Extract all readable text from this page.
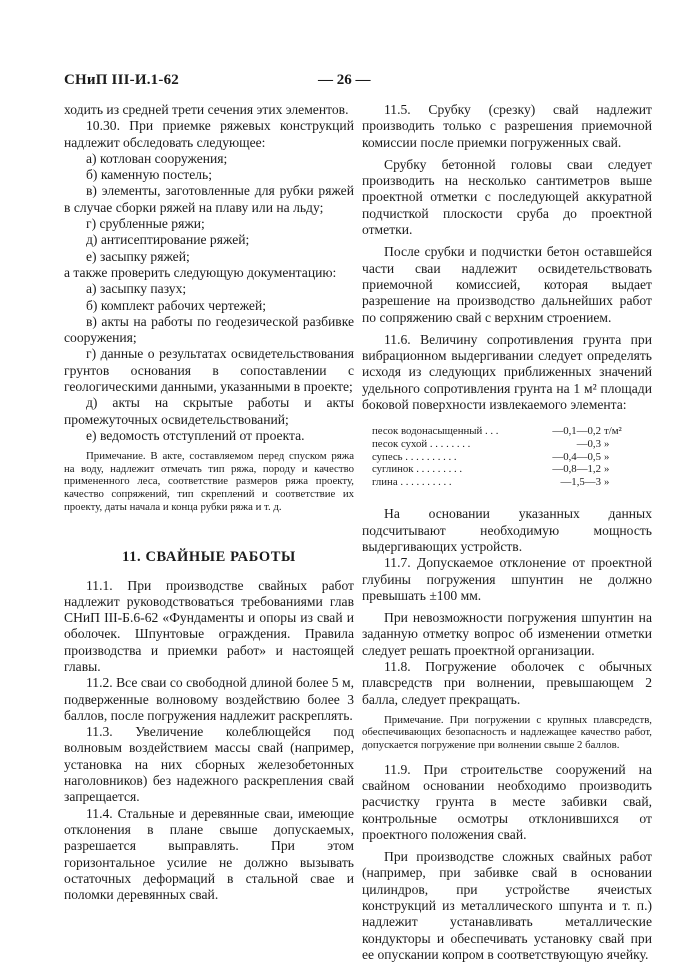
СНиП III-И.1-62	— 26 —

ходить из средней трети сечения этих элементов.

10.30. При приемке ряжевых конструкций надлежит обследовать следующее:

а) котлован сооружения;

б) каменную постель;

в) элементы, заготовленные для рубки ряжей в случае сборки ряжей на плаву или на льду;

г) срубленные ряжи;

д) антисептирование ряжей;

е) засыпку ряжей;

а также проверить следующую документацию:

а) засыпку пазух;

б) комплект рабочих чертежей;

в) акты на работы по геодезической разбивке сооружения;

г) данные о результатах освидетельствования грунтов основания в сопоставлении с геологическими данными, указанными в проекте;

д) акты на скрытые работы и акты промежуточных освидетельствований;

е) ведомость отступлений от проекта.

Примечание. В акте, составляемом перед спуском ряжа на воду, надлежит отмечать тип ряжа, породу и качество примененного леса, соответствие размеров ряжа проекту, качество сопряжений, тип скреплений и соответствие их проекту, даты начала и конца рубки ряжа и т. д.

11. СВАЙНЫЕ РАБОТЫ

11.1. При производстве свайных работ надлежит руководствоваться требованиями глав СНиП III-Б.6-62 «Фундаменты и опоры из свай и оболочек. Шпунтовые ограждения. Правила производства и приемки работ» и настоящей главы.

11.2. Все сваи со свободной длиной более 5 м, подверженные волновому воздействию более 3 баллов, после погружения надлежит раскреплять.

11.3. Увеличение колеблющейся под волновым воздействием массы свай (например, установка на них сборных железобетонных наголовников) без надежного раскрепления свай запрещается.

11.4. Стальные и деревянные сваи, имеющие отклонения в плане свыше допускаемых, разрешается выправлять. При этом горизонтальное усилие не должно вызывать остаточных деформаций в стальной свае и поломки деревянных свай.

11.5. Срубку (срезку) свай надлежит производить только с разрешения приемочной комиссии после приемки погруженных свай.

Срубку бетонной головы сваи следует производить на несколько сантиметров выше проектной отметки с последующей аккуратной подчисткой плоскости сруба до проектной отметки.

После срубки и подчистки бетон оставшейся части сваи надлежит освидетельствовать приемочной комиссией, которая выдает разрешение на производство дальнейших работ по сопряжению свай с верхним строением.

11.6. Величину сопротивления грунта при вибрационном выдергивании следует определять исходя из следующих приближенных значений удельного сопротивления грунта на 1 м² площади боковой поверхности извлекаемого элемента:

песок водонасыщенный . . .	—0,1—0,2	т/м²
песок сухой . . . . . . . .	—0,3	»
супесь . . . . . . . . . .	—0,4—0,5	»
суглинок . . . . . . . . .	—0,8—1,2	»
глина . . . . . . . . . .	—1,5—3	»

На основании указанных данных подсчитывают необходимую мощность выдергивающих устройств.

11.7. Допускаемое отклонение от проектной глубины погружения шпунтин не должно превышать ±100 мм.

При невозможности погружения шпунтин на заданную отметку вопрос об изменении отметки следует решать проектной организации.

11.8. Погружение оболочек с обычных плавсредств при волнении, превышающем 2 балла, следует прекращать.

Примечание. При погружении с крупных плавсредств, обеспечивающих безопасность и надлежащее качество работ, допускается погружение при волнении свыше 2 баллов.

11.9. При строительстве сооружений на свайном основании необходимо производить расчистку грунта в месте забивки свай, контрольные осмотры отклонившихся от проектного положения свай.

При производстве сложных свайных работ (например, при забивке свай в основании цилиндров, при устройстве ячеистых конструкций из металлического шпунта и т. п.) надлежит устанавливать металлические кондукторы и обеспечивать установку свай при ее опускании копром в соответствующую ячейку.
